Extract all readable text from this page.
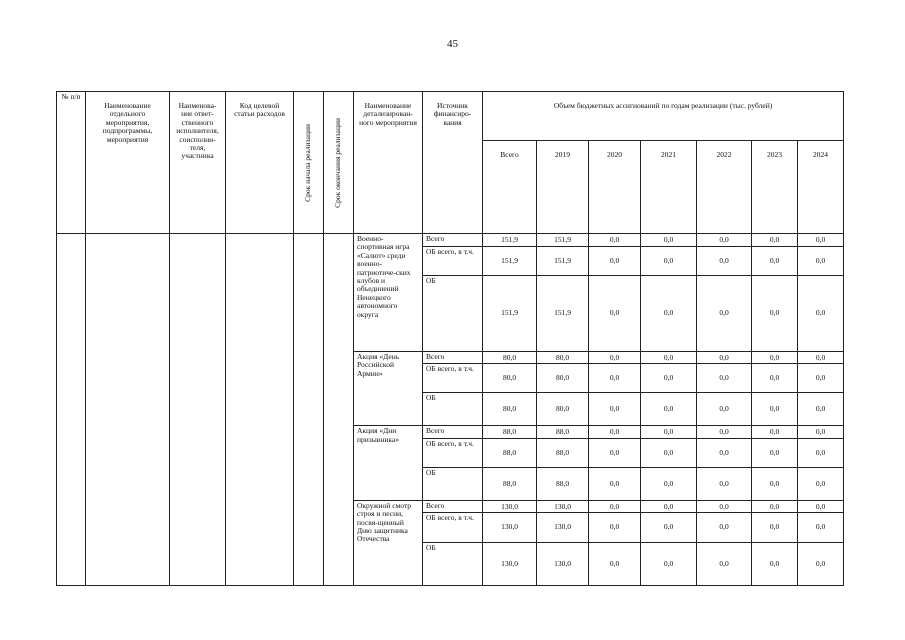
45
№ п/п	Наименование отдельного мероприятия, подпрограммы, мероприятия	Наименова-ние ответ-ственного исполнителя, соисполни-теля, участника	Код целевой статьи расходов	Срок начала реализации	Срок окончания реализации	Наименование детализирован-ного мероприятия	Источник финансиро-вания	Объем бюджетных ассигнований по годам реализации (тыс. рублей)						
								Всего	2019	2020	2021	2022	2023	2024
						Военно-спортивная игра «Салют» среди военно-патриотиче-ских клубов и объединений Ненецкого автономного округа	Всего	151,9	151,9	0,0	0,0	0,0	0,0	0,0
							ОБ всего, в т.ч.	151,9	151,9	0,0	0,0	0,0	0,0	0,0
							ОБ	151,9	151,9	0,0	0,0	0,0	0,0	0,0
						Акция «День Российской Армии»	Всего	80,0	80,0	0,0	0,0	0,0	0,0	0,0
							ОБ всего, в т.ч.	80,0	80,0	0,0	0,0	0,0	0,0	0,0
							ОБ	80,0	80,0	0,0	0,0	0,0	0,0	0,0
						Акция «Дни призывника»	Всего	88,0	88,0	0,0	0,0	0,0	0,0	0,0
							ОБ всего, в т.ч.	88,0	88,0	0,0	0,0	0,0	0,0	0,0
							ОБ	88,0	88,0	0,0	0,0	0,0	0,0	0,0
						Окружной смотр строя и песни, посвя-щенный Дню защитника Отечества	Всего	130,0	130,0	0,0	0,0	0,0	0,0	0,0
							ОБ всего, в т.ч.	130,0	130,0	0,0	0,0	0,0	0,0	0,0
							ОБ	130,0	130,0	0,0	0,0	0,0	0,0	0,0
